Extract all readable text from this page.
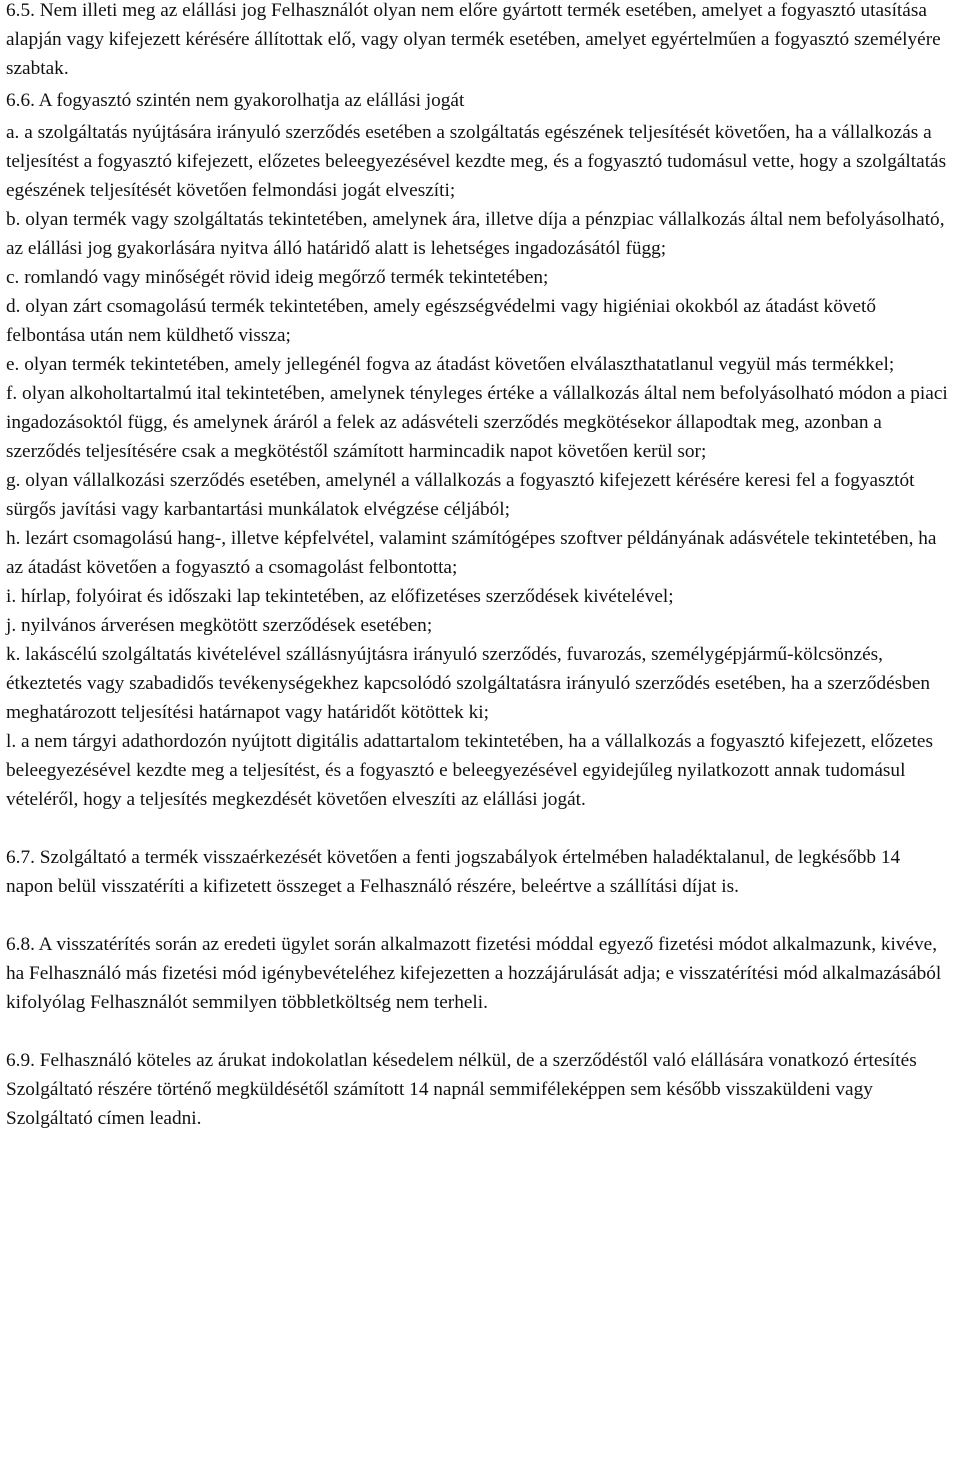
6.5. Nem illeti meg az elállási jog Felhasználót olyan nem előre gyártott termék esetében, amelyet a fogyasztó utasítása alapján vagy kifejezett kérésére állítottak elő, vagy olyan termék esetében, amelyet egyértelműen a fogyasztó személyére szabtak.

6.6. A fogyasztó szintén nem gyakorolhatja az elállási jogát

a. a szolgáltatás nyújtására irányuló szerződés esetében a szolgáltatás egészének teljesítését követően, ha a vállalkozás a teljesítést a fogyasztó kifejezett, előzetes beleegyezésével kezdte meg, és a fogyasztó tudomásul vette, hogy a szolgáltatás egészének teljesítését követően felmondási jogát elveszíti;

b. olyan termék vagy szolgáltatás tekintetében, amelynek ára, illetve díja a pénzpiac vállalkozás által nem befolyásolható, az elállási jog gyakorlására nyitva álló határidő alatt is lehetséges ingadozásától függ;

c. romlandó vagy minőségét rövid ideig megőrző termék tekintetében;

d. olyan zárt csomagolású termék tekintetében, amely egészségvédelmi vagy higiéniai okokból az átadást követő felbontása után nem küldhető vissza;

e. olyan termék tekintetében, amely jellegénél fogva az átadást követően elválaszthatatlanul vegyül más termékkel;

f. olyan alkoholtartalmú ital tekintetében, amelynek tényleges értéke a vállalkozás által nem befolyásolható módon a piaci ingadozásoktól függ, és amelynek áráról a felek az adásvételi szerződés megkötésekor állapodtak meg, azonban a szerződés teljesítésére csak a megkötéstől számított harmincadik napot követően kerül sor;

g. olyan vállalkozási szerződés esetében, amelynél a vállalkozás a fogyasztó kifejezett kérésére keresi fel a fogyasztót sürgős javítási vagy karbantartási munkálatok elvégzése céljából;

h. lezárt csomagolású hang-, illetve képfelvétel, valamint számítógépes szoftver példányának adásvétele tekintetében, ha az átadást követően a fogyasztó a csomagolást felbontotta;

i. hírlap, folyóirat és időszaki lap tekintetében, az előfizetéses szerződések kivételével;

j. nyilvános árverésen megkötött szerződések esetében;

k. lakáscélú szolgáltatás kivételével szállásnyújtásra irányuló szerződés, fuvarozás, személygépjármű-kölcsönzés, étkeztetés vagy szabadidős tevékenységekhez kapcsolódó szolgáltatásra irányuló szerződés esetében, ha a szerződésben meghatározott teljesítési határnapot vagy határidőt kötöttek ki;

l. a nem tárgyi adathordozón nyújtott digitális adattartalom tekintetében, ha a vállalkozás a fogyasztó kifejezett, előzetes beleegyezésével kezdte meg a teljesítést, és a fogyasztó e beleegyezésével egyidejűleg nyilatkozott annak tudomásul vételéről, hogy a teljesítés megkezdését követően elveszíti az elállási jogát.

6.7. Szolgáltató a termék visszaérkezését követően a fenti jogszabályok értelmében haladéktalanul, de legkésőbb 14 napon belül visszatéríti a kifizetett összeget a Felhasználó részére, beleértve a szállítási díjat is.

6.8. A visszatérítés során az eredeti ügylet során alkalmazott fizetési móddal egyező fizetési módot alkalmazunk, kivéve, ha Felhasználó más fizetési mód igénybevételéhez kifejezetten a hozzájárulását adja; e visszatérítési mód alkalmazásából kifolyólag Felhasználót semmilyen többletköltség nem terheli.

6.9. Felhasználó köteles az árukat indokolatlan késedelem nélkül, de a szerződéstől való elállására vonatkozó értesítés Szolgáltató részére történő megküldésétől számított 14 napnál semmiféleképpen sem később visszaküldeni vagy Szolgáltató címen leadni.
